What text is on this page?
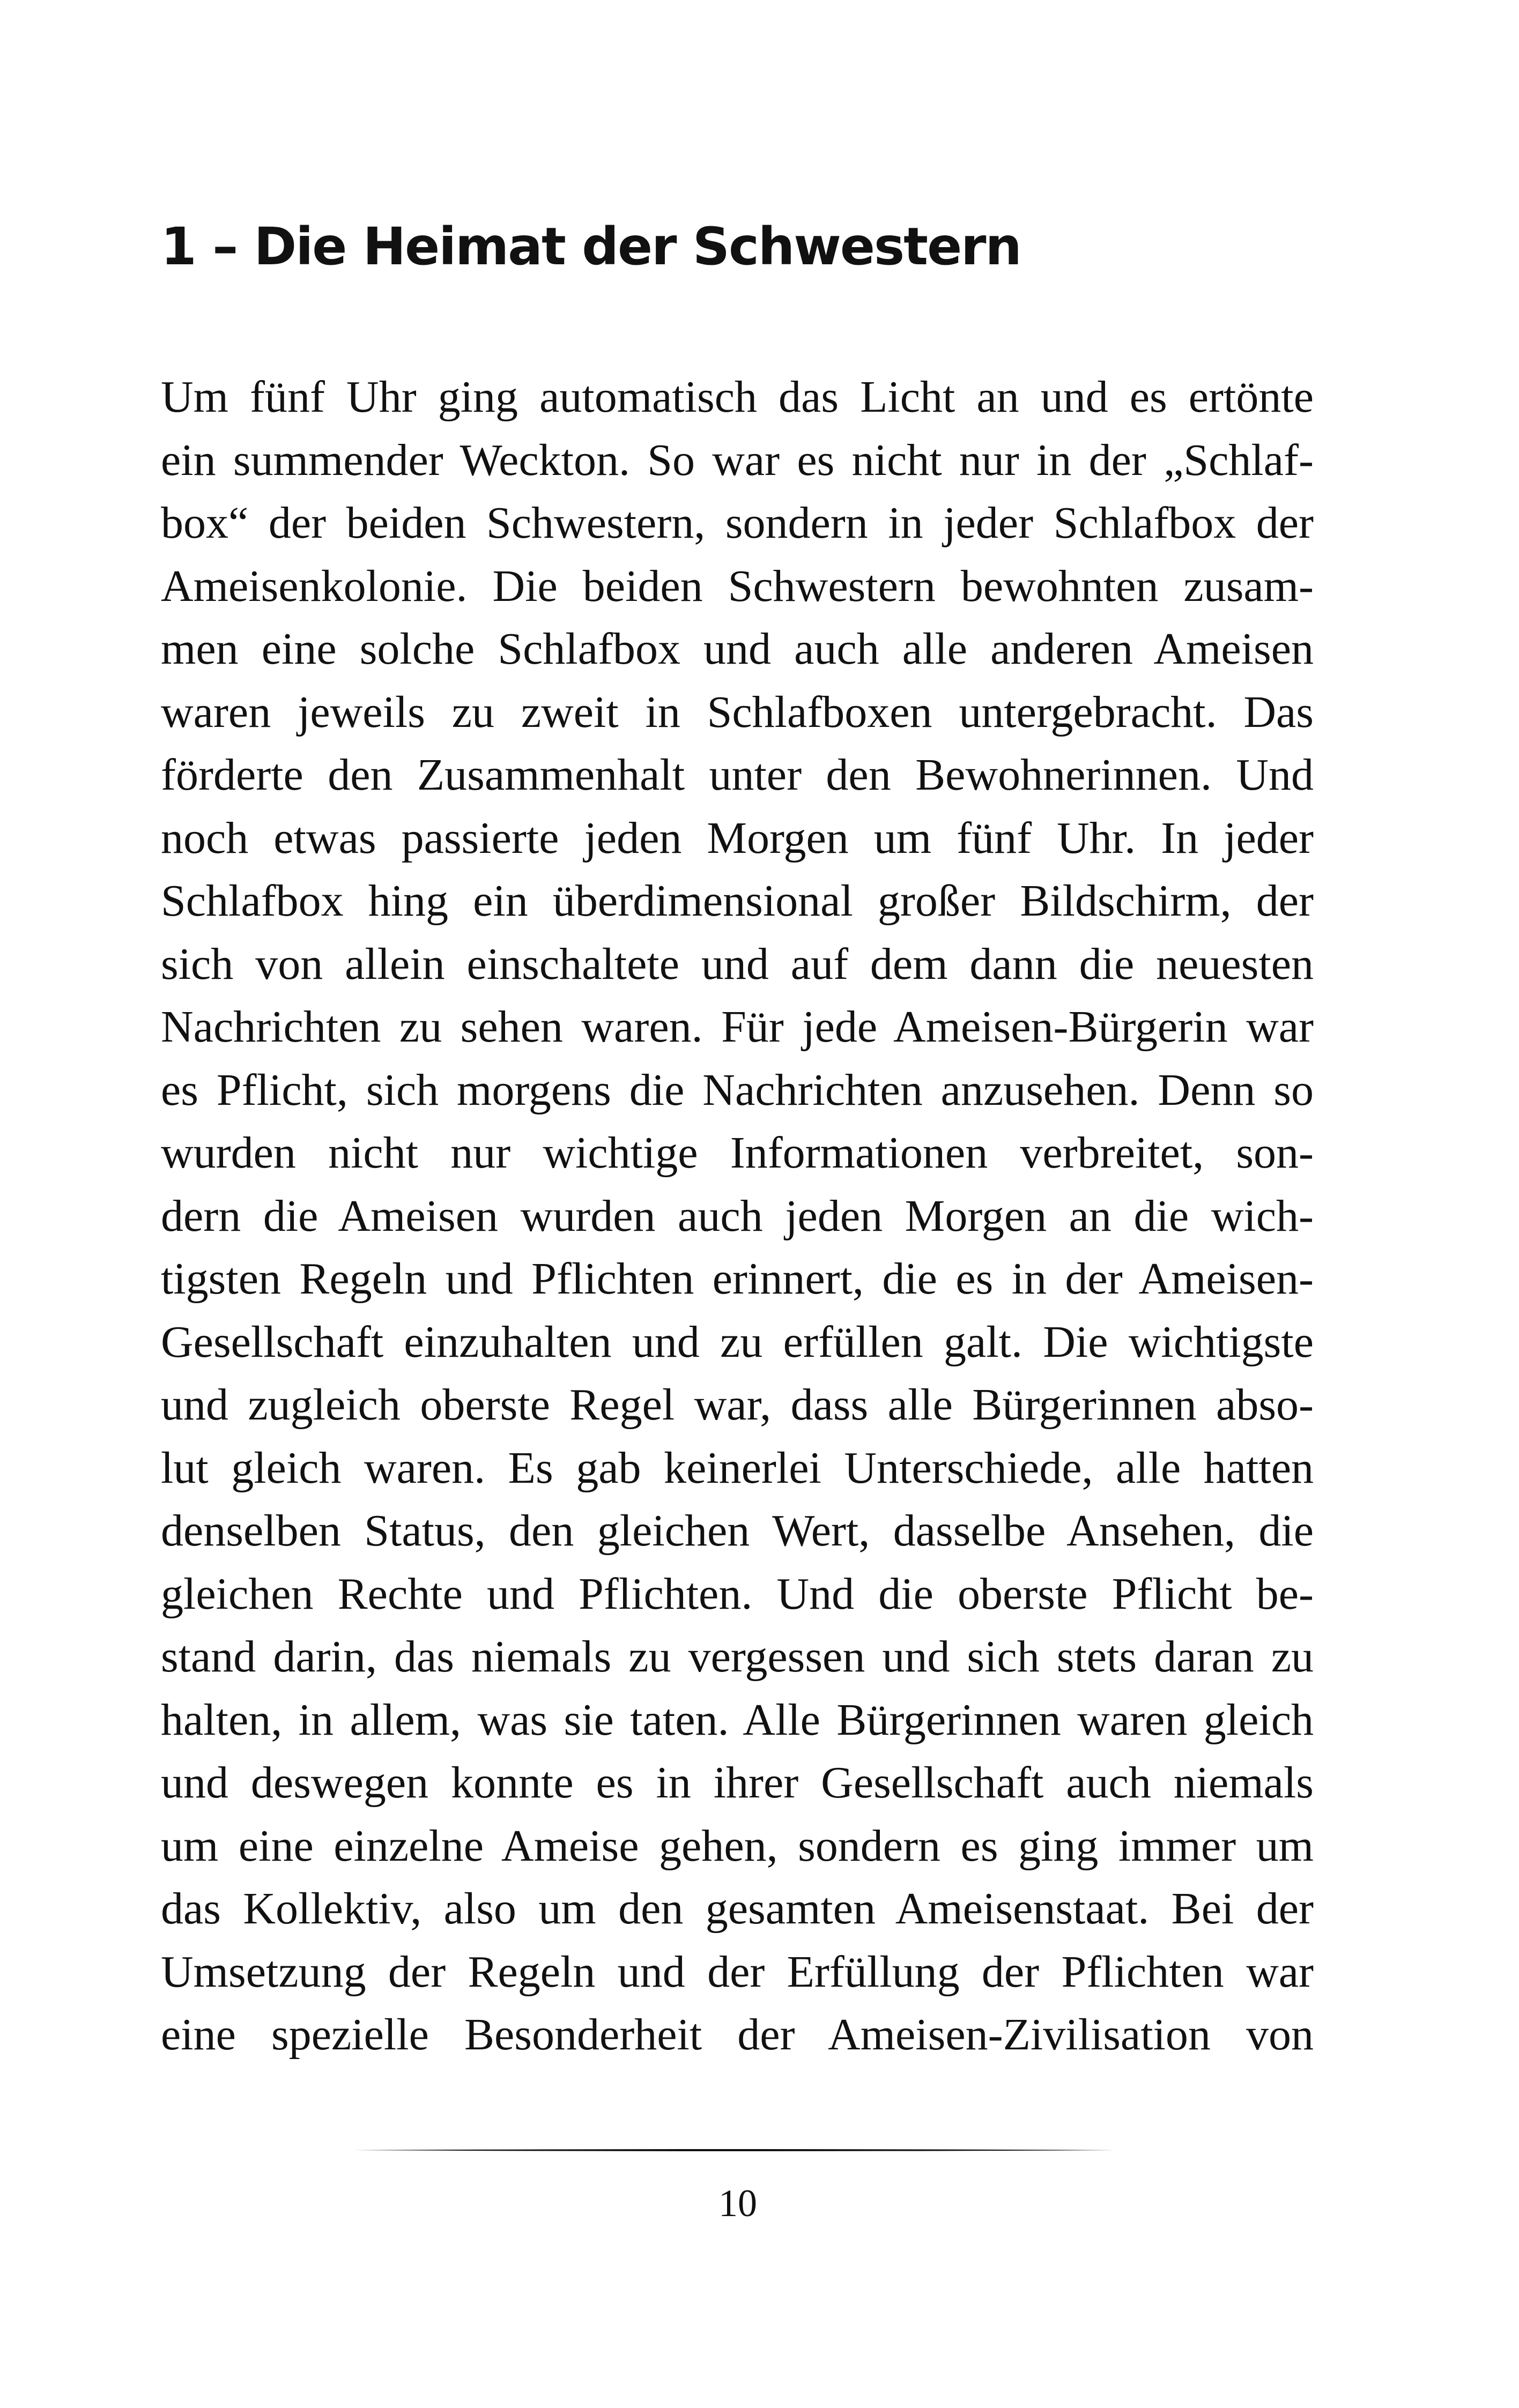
1 – Die Heimat der Schwestern
Um fünf Uhr ging automatisch das Licht an und es ertönte
ein summender Weckton. So war es nicht nur in der „Schlaf-
box“ der beiden Schwestern, sondern in jeder Schlafbox der
Ameisenkolonie. Die beiden Schwestern bewohnten zusam-
men eine solche Schlafbox und auch alle anderen Ameisen
waren jeweils zu zweit in Schlafboxen untergebracht. Das
förderte den Zusammenhalt unter den Bewohnerinnen. Und
noch etwas passierte jeden Morgen um fünf Uhr. In jeder
Schlafbox hing ein überdimensional großer Bildschirm, der
sich von allein einschaltete und auf dem dann die neuesten
Nachrichten zu sehen waren. Für jede Ameisen-Bürgerin war
es Pflicht, sich morgens die Nachrichten anzusehen. Denn so
wurden nicht nur wichtige Informationen verbreitet, son-
dern die Ameisen wurden auch jeden Morgen an die wich-
tigsten Regeln und Pflichten erinnert, die es in der Ameisen-
Gesellschaft einzuhalten und zu erfüllen galt. Die wichtigste
und zugleich oberste Regel war, dass alle Bürgerinnen abso-
lut gleich waren. Es gab keinerlei Unterschiede, alle hatten
denselben Status, den gleichen Wert, dasselbe Ansehen, die
gleichen Rechte und Pflichten. Und die oberste Pflicht be-
stand darin, das niemals zu vergessen und sich stets daran zu
halten, in allem, was sie taten. Alle Bürgerinnen waren gleich
und deswegen konnte es in ihrer Gesellschaft auch niemals
um eine einzelne Ameise gehen, sondern es ging immer um
das Kollektiv, also um den gesamten Ameisenstaat. Bei der
Umsetzung der Regeln und der Erfüllung der Pflichten war
eine spezielle Besonderheit der Ameisen-Zivilisation von
10
